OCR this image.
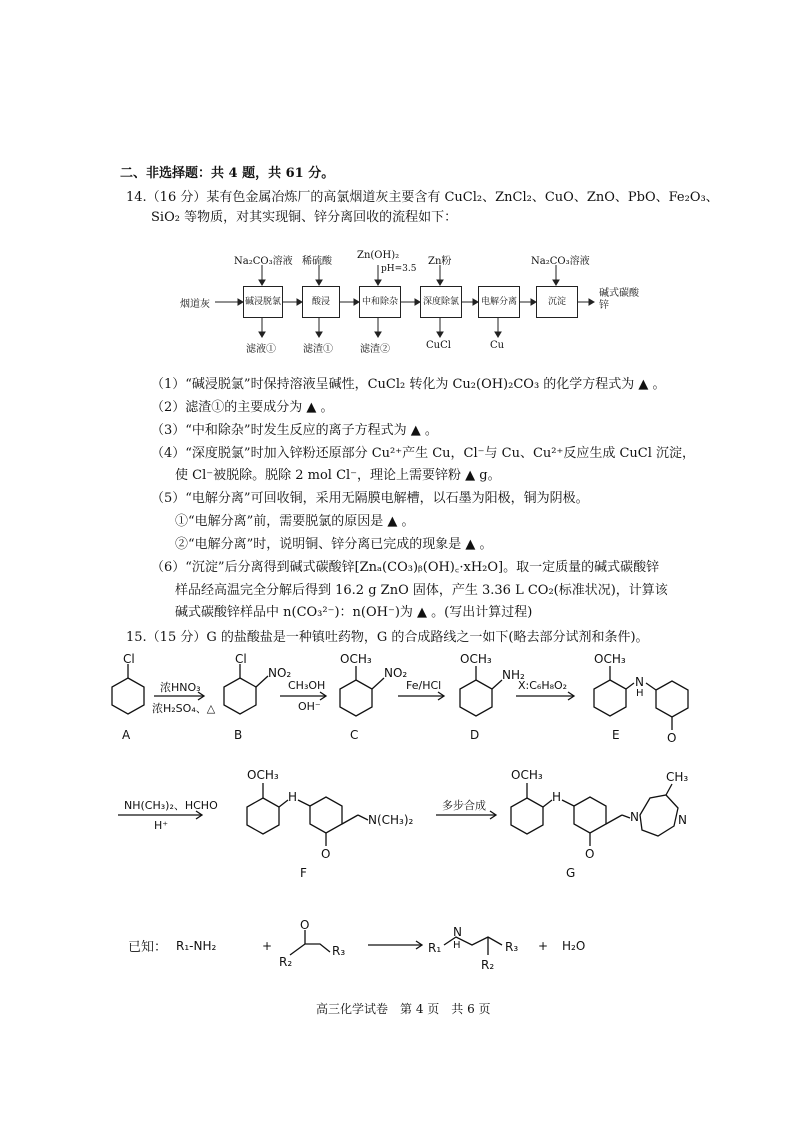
二、非选择题：共 4 题，共 61 分。
14.（16 分）某有色金属冶炼厂的高氯烟道灰主要含有 CuCl₂、ZnCl₂、CuO、ZnO、PbO、Fe₂O₃、
SiO₂ 等物质，对其实现铜、锌分离回收的流程如下：
烟道灰
碱式碳酸锌
Na₂CO₃溶液 稀硫酸
Zn(OH)₂
pH=3.5
Zn粉	Na₂CO₃溶液
碱浸脱氯	酸浸	中和除杂	深度除氯 电解分离	沉淀
滤液①	滤渣①	滤渣②	CuCl	Cu
（1）“碱浸脱氯”时保持溶液呈碱性，CuCl₂ 转化为 Cu₂(OH)₂CO₃ 的化学方程式为 ▲ 。
（2）滤渣①的主要成分为 ▲ 。
（3）“中和除杂”时发生反应的离子方程式为 ▲ 。
（4）“深度脱氯”时加入锌粉还原部分 Cu²⁺产生 Cu，Cl⁻与 Cu、Cu²⁺反应生成 CuCl 沉淀，
使 Cl⁻被脱除。脱除 2 mol Cl⁻，理论上需要锌粉 ▲ g。
（5）“电解分离”可回收铜，采用无隔膜电解槽，以石墨为阳极，铜为阴极。
①“电解分离”前，需要脱氯的原因是 ▲ 。
②“电解分离”时，说明铜、锌分离已完成的现象是 ▲ 。
（6）“沉淀”后分离得到碱式碳酸锌[Znₐ(CO₃)ᵦ(OH)꜀·xH₂O]。取一定质量的碱式碳酸锌
样品经高温完全分解后得到 16.2 g ZnO 固体，产生 3.36 L CO₂(标准状况)，计算该
碱式碳酸锌样品中 n(CO₃²⁻)：n(OH⁻)为 ▲ 。(写出计算过程)
15.（15 分）G 的盐酸盐是一种镇吐药物，G 的合成路线之一如下(略去部分试剂和条件)。
Cl	Cl
NO₂
OCH₃
NO₂
OCH₃
NH₂
OCH₃
N
H
O
OCH₃
H
O
N(CH₃)₂
OCH₃
H
O
N	N
CH₃
浓HNO₃
浓H₂SO₄、△
CH₃OH
OH⁻
Fe/HCl	X:C₆H₈O₂
NH(CH₃)₂、HCHO
H⁺
多步合成
A	B	C	D	E
F	G
已知： R₁-NH₂	+
O
R₂
R₃	R₁
N
H	R₃
R₂
+ H₂O
高三化学试卷　第 4 页　共 6 页
